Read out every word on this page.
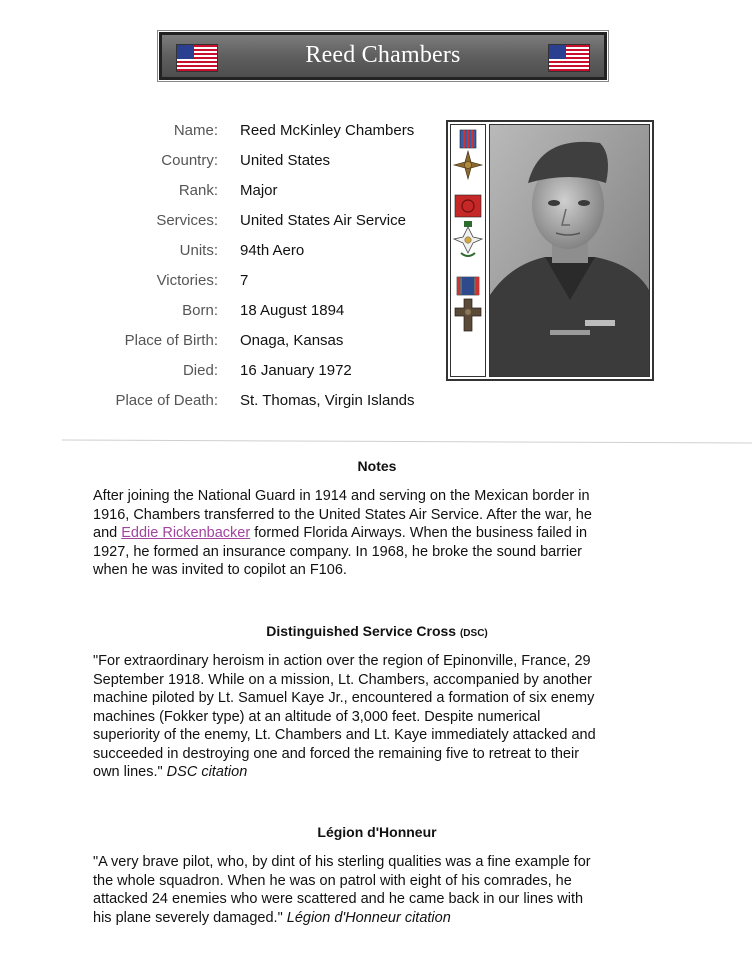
Reed Chambers
Name: Reed McKinley Chambers
Country: United States
Rank: Major
Services: United States Air Service
Units: 94th Aero
Victories: 7
Born: 18 August 1894
Place of Birth: Onaga, Kansas
Died: 16 January 1972
Place of Death: St. Thomas, Virgin Islands
Notes
After joining the National Guard in 1914 and serving on the Mexican border in
1916, Chambers transferred to the United States Air Service. After the war, he
and Eddie Rickenbacker formed Florida Airways. When the business failed in
1927, he formed an insurance company. In 1968, he broke the sound barrier
when he was invited to copilot an F106.
Distinguished Service Cross (DSC)
"For extraordinary heroism in action over the region of Epinonville, France, 29
September 1918. While on a mission, Lt. Chambers, accompanied by another
machine piloted by Lt. Samuel Kaye Jr., encountered a formation of six enemy
machines (Fokker type) at an altitude of 3,000 feet. Despite numerical
superiority of the enemy, Lt. Chambers and Lt. Kaye immediately attacked and
succeeded in destroying one and forced the remaining five to retreat to their
own lines." DSC citation
Légion d'Honneur
"A very brave pilot, who, by dint of his sterling qualities was a fine example for
the whole squadron. When he was on patrol with eight of his comrades, he
attacked 24 enemies who were scattered and he came back in our lines with
his plane severely damaged." Légion d'Honneur citation
